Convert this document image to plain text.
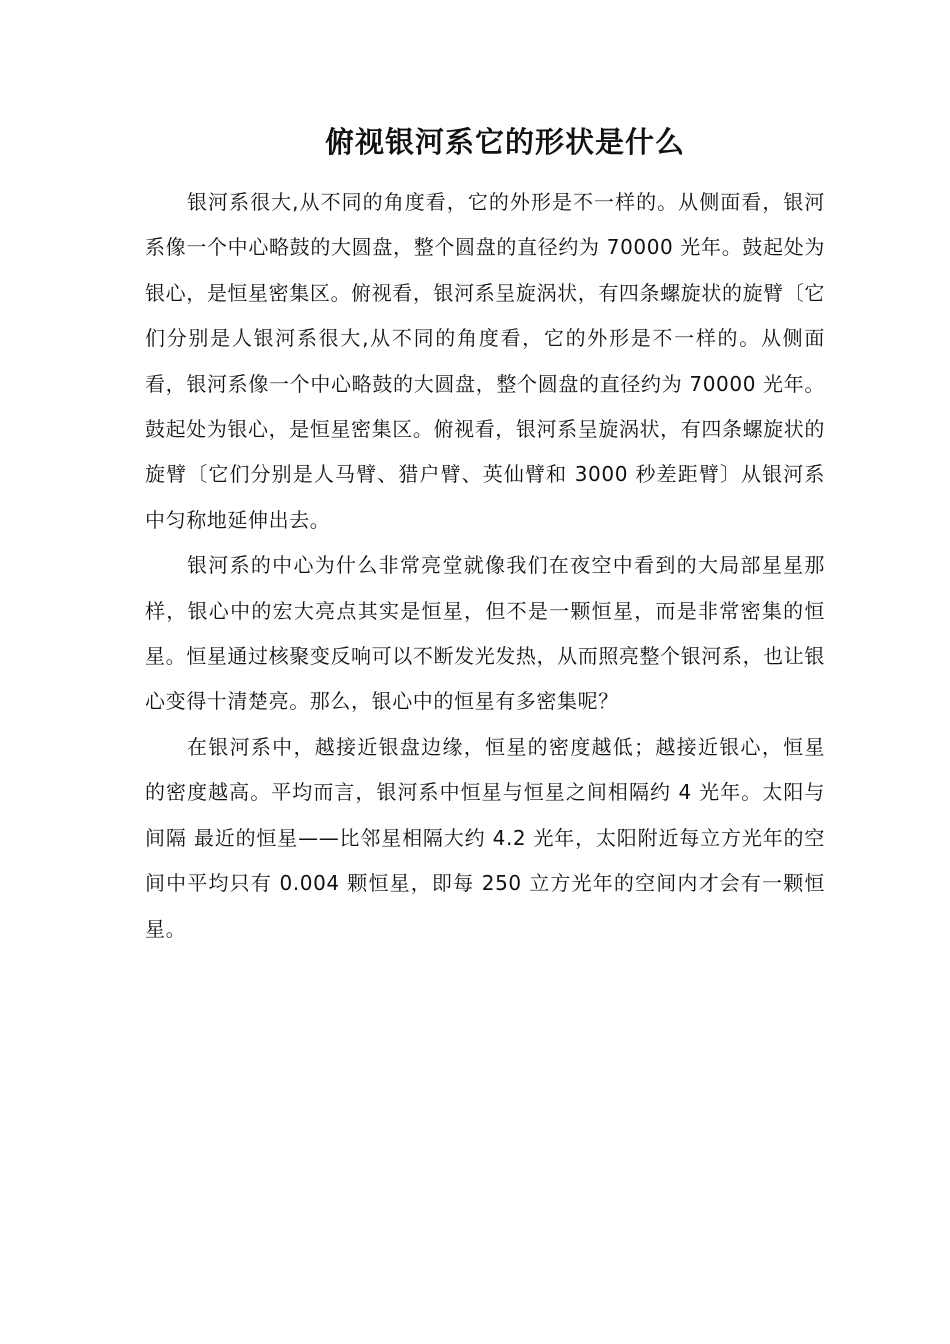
俯视银河系它的形状是什么

银河系很大,从不同的角度看，它的外形是不一样的。从侧面看，银河系像一个中心略鼓的大圆盘，整个圆盘的直径约为 70000 光年。鼓起处为银心，是恒星密集区。俯视看，银河系呈旋涡状，有四条螺旋状的旋臂〔它们分别是人银河系很大,从不同的角度看，它的外形是不一样的。从侧面看，银河系像一个中心略鼓的大圆盘，整个圆盘的直径约为 70000 光年。鼓起处为银心，是恒星密集区。俯视看，银河系呈旋涡状，有四条螺旋状的旋臂〔它们分别是人马臂、猎户臂、英仙臂和 3000 秒差距臂〕从银河系中匀称地延伸出去。

银河系的中心为什么非常亮堂就像我们在夜空中看到的大局部星星那样，银心中的宏大亮点其实是恒星，但不是一颗恒星，而是非常密集的恒星。恒星通过核聚变反响可以不断发光发热，从而照亮整个银河系，也让银心变得十清楚亮。那么，银心中的恒星有多密集呢？

在银河系中，越接近银盘边缘，恒星的密度越低；越接近银心，恒星的密度越高。平均而言，银河系中恒星与恒星之间相隔约 4 光年。太阳与间隔 最近的恒星——比邻星相隔大约 4.2 光年，太阳附近每立方光年的空间中平均只有 0.004 颗恒星，即每 250 立方光年的空间内才会有一颗恒星。
